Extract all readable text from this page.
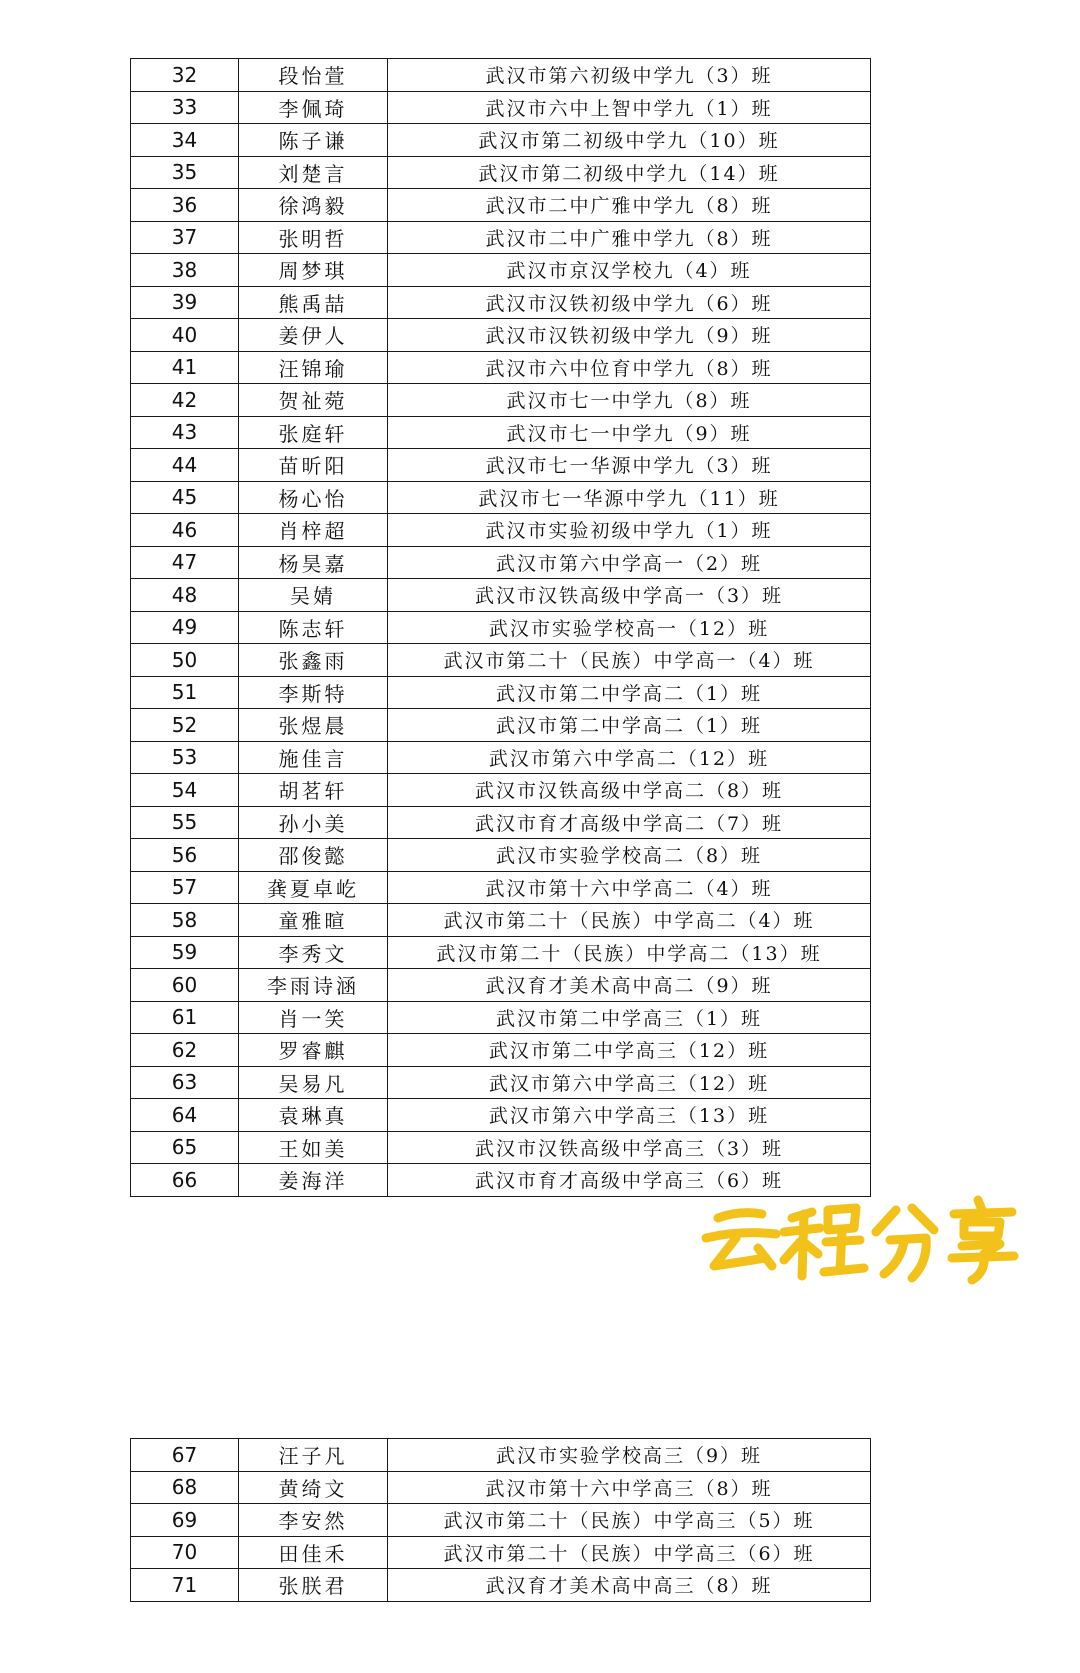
32	段怡萱	武汉市第六初级中学九（3）班
33	李佩琦	武汉市六中上智中学九（1）班
34	陈子谦	武汉市第二初级中学九（10）班
35	刘楚言	武汉市第二初级中学九（14）班
36	徐鸿毅	武汉市二中广雅中学九（8）班
37	张明哲	武汉市二中广雅中学九（8）班
38	周梦琪	武汉市京汉学校九（4）班
39	熊禹喆	武汉市汉铁初级中学九（6）班
40	姜伊人	武汉市汉铁初级中学九（9）班
41	汪锦瑜	武汉市六中位育中学九（8）班
42	贺祉菀	武汉市七一中学九（8）班
43	张庭轩	武汉市七一中学九（9）班
44	苗昕阳	武汉市七一华源中学九（3）班
45	杨心怡	武汉市七一华源中学九（11）班
46	肖梓超	武汉市实验初级中学九（1）班
47	杨昊嘉	武汉市第六中学高一（2）班
48	吴婧	武汉市汉铁高级中学高一（3）班
49	陈志轩	武汉市实验学校高一（12）班
50	张鑫雨	武汉市第二十（民族）中学高一（4）班
51	李斯特	武汉市第二中学高二（1）班
52	张煜晨	武汉市第二中学高二（1）班
53	施佳言	武汉市第六中学高二（12）班
54	胡茗轩	武汉市汉铁高级中学高二（8）班
55	孙小美	武汉市育才高级中学高二（7）班
56	邵俊懿	武汉市实验学校高二（8）班
57	龚夏卓屹	武汉市第十六中学高二（4）班
58	童雅暄	武汉市第二十（民族）中学高二（4）班
59	李秀文	武汉市第二十（民族）中学高二（13）班
60	李雨诗涵	武汉育才美术高中高二（9）班
61	肖一笑	武汉市第二中学高三（1）班
62	罗睿麒	武汉市第二中学高三（12）班
63	吴易凡	武汉市第六中学高三（12）班
64	袁琳真	武汉市第六中学高三（13）班
65	王如美	武汉市汉铁高级中学高三（3）班
66	姜海洋	武汉市育才高级中学高三（6）班
67	汪子凡	武汉市实验学校高三（9）班
68	黄绮文	武汉市第十六中学高三（8）班
69	李安然	武汉市第二十（民族）中学高三（5）班
70	田佳禾	武汉市第二十（民族）中学高三（6）班
71	张朕君	武汉育才美术高中高三（8）班
